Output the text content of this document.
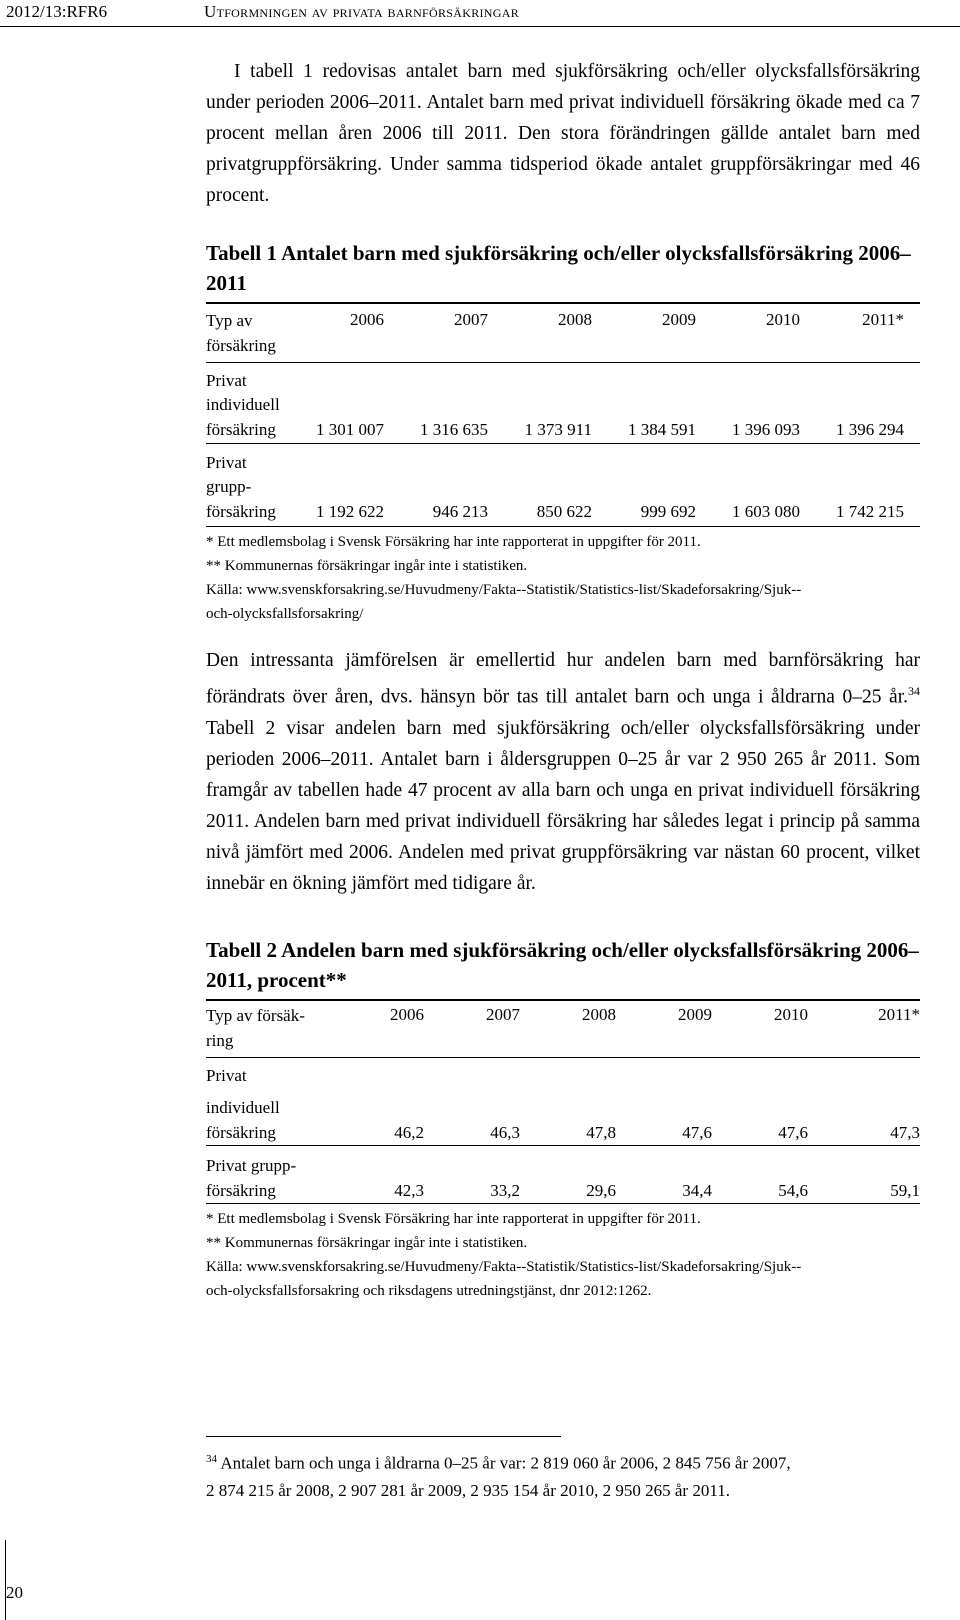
2012/13:RFR6	Utformningen av privata barnförsäkringar
I tabell 1 redovisas antalet barn med sjukförsäkring och/eller olycksfallsförsäkring under perioden 2006–2011. Antalet barn med privat individuell försäkring ökade med ca 7 procent mellan åren 2006 till 2011. Den stora förändringen gällde antalet barn med privatgruppförsäkring. Under samma tidsperiod ökade antalet gruppförsäkringar med 46 procent.
Tabell 1 Antalet barn med sjukförsäkring och/eller olycksfallsförsäkring 2006–2011
Typ av
försäkring
2006	2007	2008	2009	2010	2011*
Privat
individuell
försäkring	1 301 007	1 316 635	1 373 911	1 384 591	1 396 093	1 396 294
Privat
grupp-
försäkring	1 192 622	946 213	850 622	999 692	1 603 080	1 742 215

* Ett medlemsbolag i Svensk Försäkring har inte rapporterat in uppgifter för 2011.

** Kommunernas försäkringar ingår inte i statistiken.

Källa: www.svenskforsakring.se/Huvudmeny/Fakta--Statistik/Statistics-list/Skadeforsakring/Sjuk--

och-olycksfallsforsakring/

Den intressanta jämförelsen är emellertid hur andelen barn med barnförsäkring har förändrats över åren, dvs. hänsyn bör tas till antalet barn och unga i åldrarna 0–25 år.$^{34}$ Tabell 2 visar andelen barn med sjukförsäkring och/eller olycksfallsförsäkring under perioden 2006–2011. Antalet barn i åldersgruppen 0–25 år var 2 950 265 år 2011. Som framgår av tabellen hade 47 procent av alla barn och unga en privat individuell försäkring 2011. Andelen barn med privat individuell försäkring har således legat i princip på samma nivå jämfört med 2006. Andelen med privat gruppförsäkring var nästan 60 procent, vilket innebär en ökning jämfört med tidigare år.
Tabell 2 Andelen barn med sjukförsäkring och/eller olycksfallsförsäkring 2006–2011, procent**
Typ av försäk-
ring
2006	2007	2008	2009	2010	2011*
Privat
individuell
försäkring	46,2	46,3	47,8	47,6	47,6	47,3
Privat grupp-
försäkring	42,3	33,2	29,6	34,4	54,6	59,1

* Ett medlemsbolag i Svensk Försäkring har inte rapporterat in uppgifter för 2011.

** Kommunernas försäkringar ingår inte i statistiken.

Källa: www.svenskforsakring.se/Huvudmeny/Fakta--Statistik/Statistics-list/Skadeforsakring/Sjuk--

och-olycksfallsforsakring och riksdagens utredningstjänst, dnr 2012:1262.

$^{34}$ Antalet barn och unga i åldrarna 0–25 år var: 2 819 060 år 2006, 2 845 756 år 2007,
2 874 215 år 2008, 2 907 281 år 2009, 2 935 154 år 2010, 2 950 265 år 2011.
20
